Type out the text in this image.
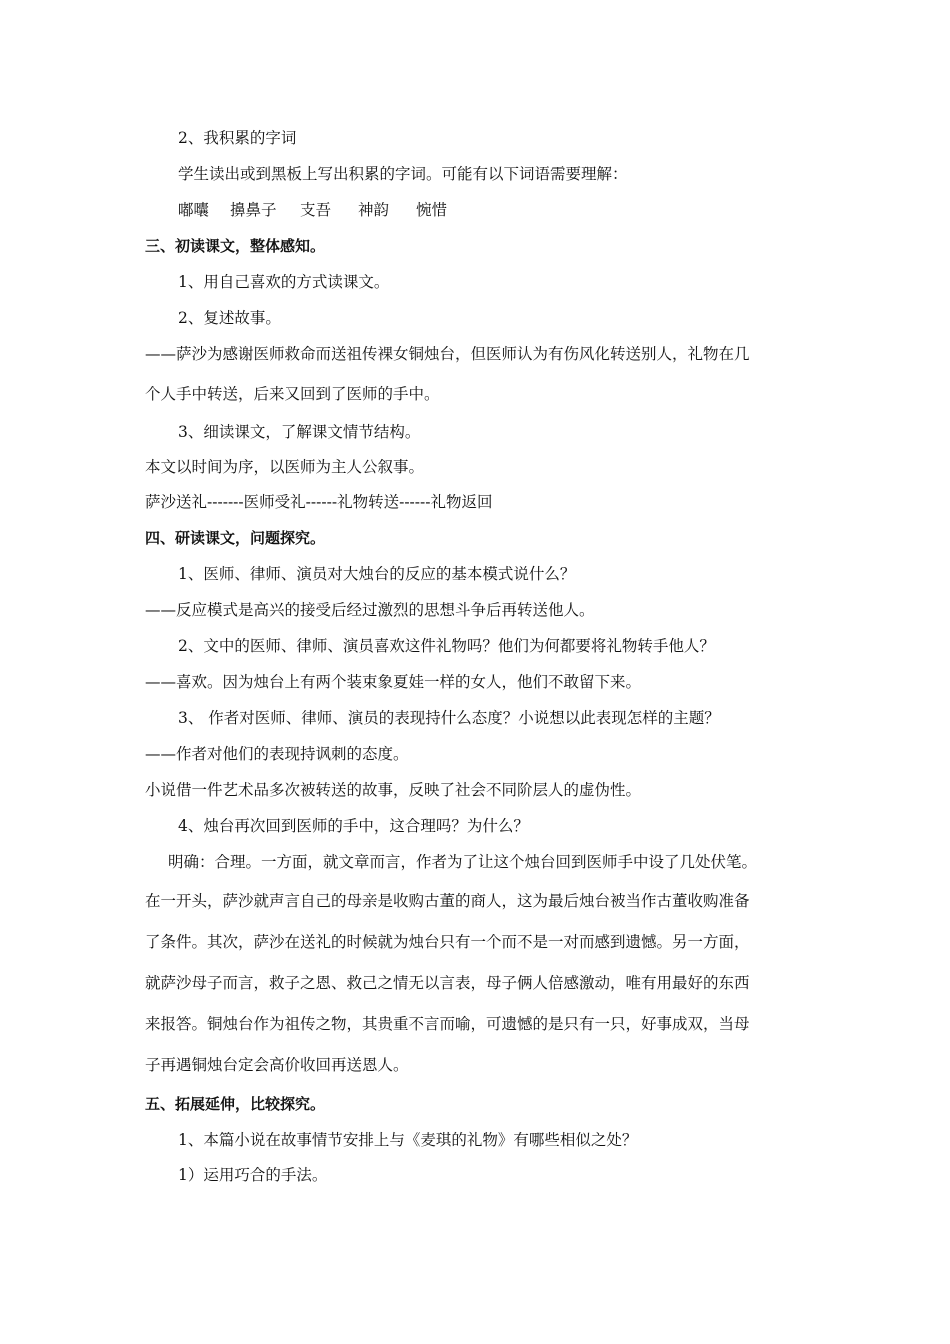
2、我积累的字词
学生读出或到黑板上写出积累的字词。可能有以下词语需要理解：
嘟囔 擤鼻子 支吾 神韵 惋惜
三、初读课文，整体感知。
1、用自己喜欢的方式读课文。
2、复述故事。
——萨沙为感谢医师救命而送祖传裸女铜烛台，但医师认为有伤风化转送别人，礼物在几
个人手中转送，后来又回到了医师的手中。
3、细读课文，了解课文情节结构。
本文以时间为序，以医师为主人公叙事。
萨沙送礼-------医师受礼------礼物转送------礼物返回
四、研读课文，问题探究。
1、医师、律师、演员对大烛台的反应的基本模式说什么？
——反应模式是高兴的接受后经过激烈的思想斗争后再转送他人。
2、文中的医师、律师、演员喜欢这件礼物吗？他们为何都要将礼物转手他人？
——喜欢。因为烛台上有两个装束象夏娃一样的女人，他们不敢留下来。
3、 作者对医师、律师、演员的表现持什么态度？小说想以此表现怎样的主题？
——作者对他们的表现持讽刺的态度。
小说借一件艺术品多次被转送的故事，反映了社会不同阶层人的虚伪性。
4、烛台再次回到医师的手中，这合理吗？为什么？
明确：合理。一方面，就文章而言，作者为了让这个烛台回到医师手中设了几处伏笔。
在一开头，萨沙就声言自己的母亲是收购古董的商人，这为最后烛台被当作古董收购准备
了条件。其次，萨沙在送礼的时候就为烛台只有一个而不是一对而感到遗憾。另一方面，
就萨沙母子而言，救子之恩、救己之情无以言表，母子俩人倍感激动，唯有用最好的东西
来报答。铜烛台作为祖传之物，其贵重不言而喻，可遗憾的是只有一只，好事成双，当母
子再遇铜烛台定会高价收回再送恩人。
五、拓展延伸，比较探究。
1、本篇小说在故事情节安排上与《麦琪的礼物》有哪些相似之处？
1）运用巧合的手法。
